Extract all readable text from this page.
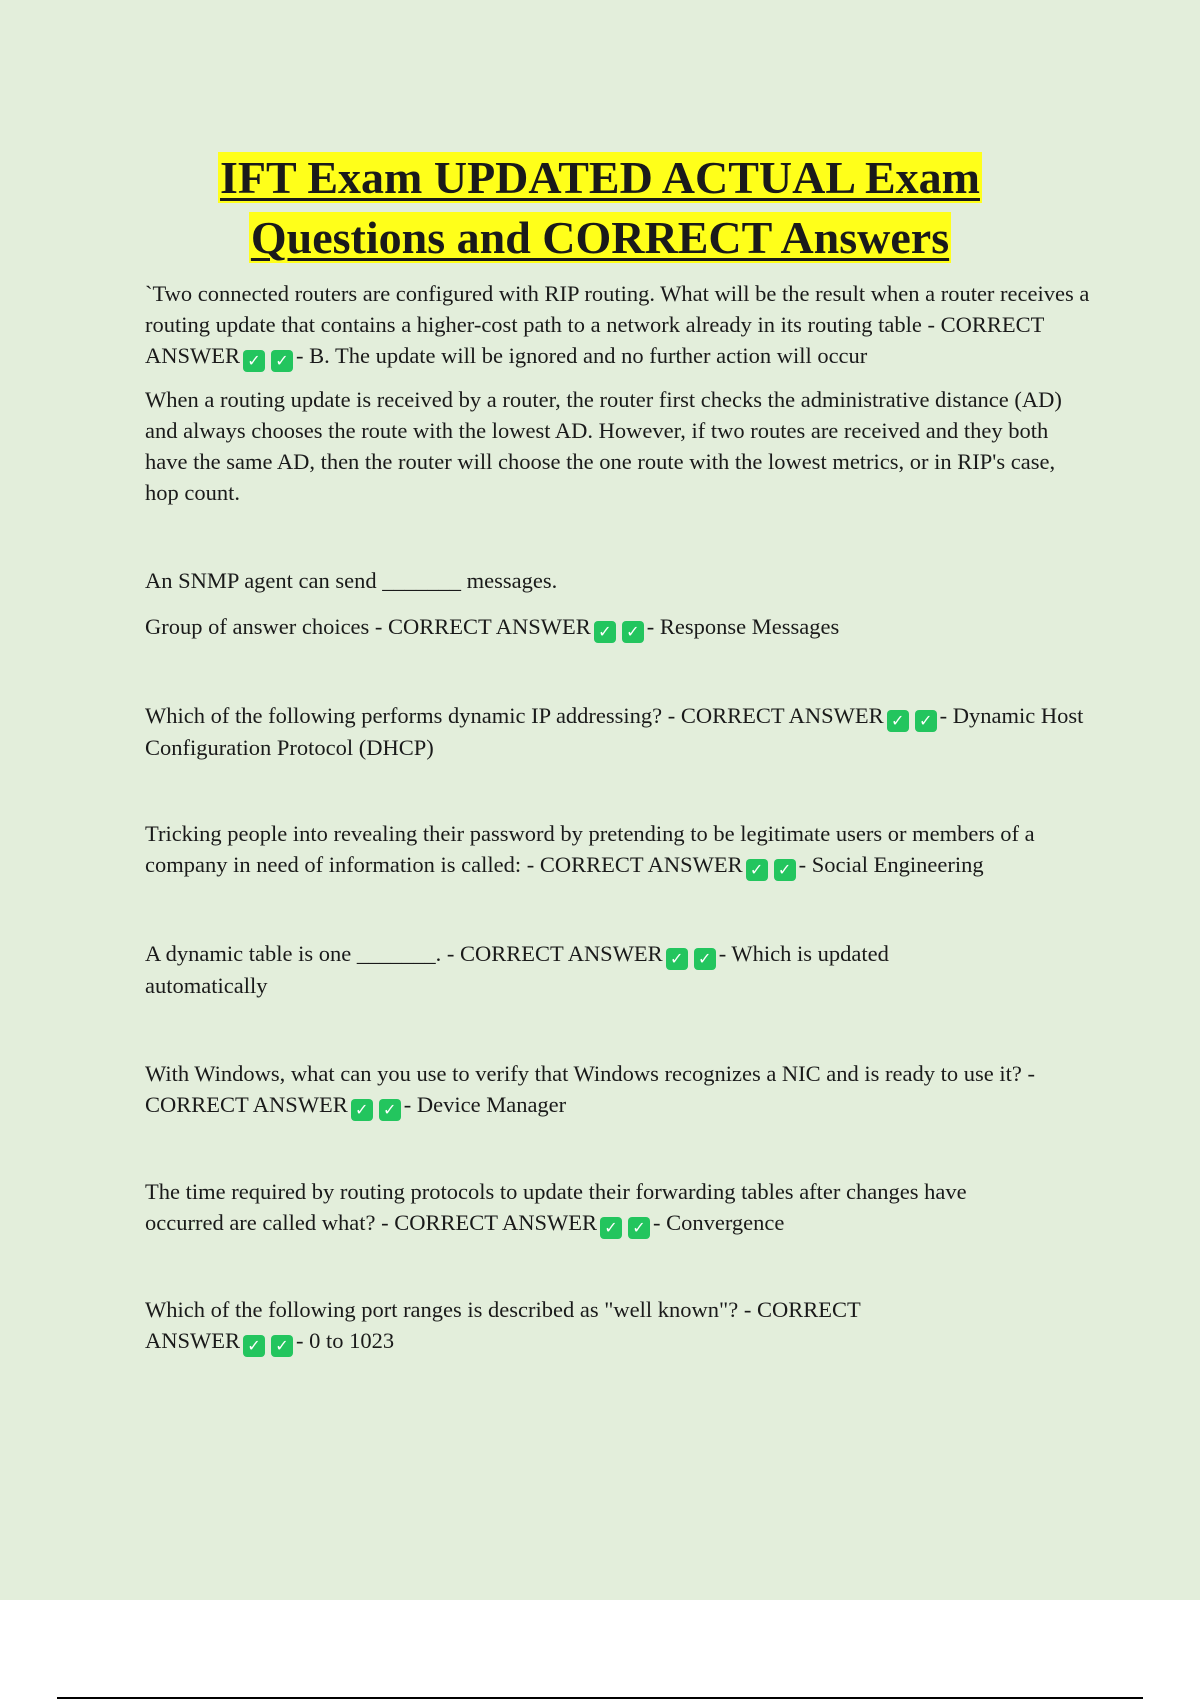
IFT Exam UPDATED ACTUAL Exam
Questions and CORRECT Answers

`Two connected routers are configured with RIP routing. What will be the result when a router receives a routing update that contains a higher-cost path to a network already in its routing table - CORRECT ANSWER ✓ ✓ - B. The update will be ignored and no further action will occur

When a routing update is received by a router, the router first checks the administrative distance (AD) and always chooses the route with the lowest AD. However, if two routes are received and they both have the same AD, then the router will choose the one route with the lowest metrics, or in RIP's case, hop count.

An SNMP agent can send _______ messages.

Group of answer choices - CORRECT ANSWER ✓ ✓ - Response Messages

Which of the following performs dynamic IP addressing? - CORRECT ANSWER ✓ ✓ - Dynamic Host Configuration Protocol (DHCP)

Tricking people into revealing their password by pretending to be legitimate users or members of a company in need of information is called: - CORRECT ANSWER ✓ ✓ - Social Engineering

A dynamic table is one _______. - CORRECT ANSWER ✓ ✓ - Which is updated automatically

With Windows, what can you use to verify that Windows recognizes a NIC and is ready to use it? - CORRECT ANSWER ✓ ✓ - Device Manager

The time required by routing protocols to update their forwarding tables after changes have occurred are called what? - CORRECT ANSWER ✓ ✓ - Convergence

Which of the following port ranges is described as "well known"? - CORRECT ANSWER ✓ ✓ - 0 to 1023
